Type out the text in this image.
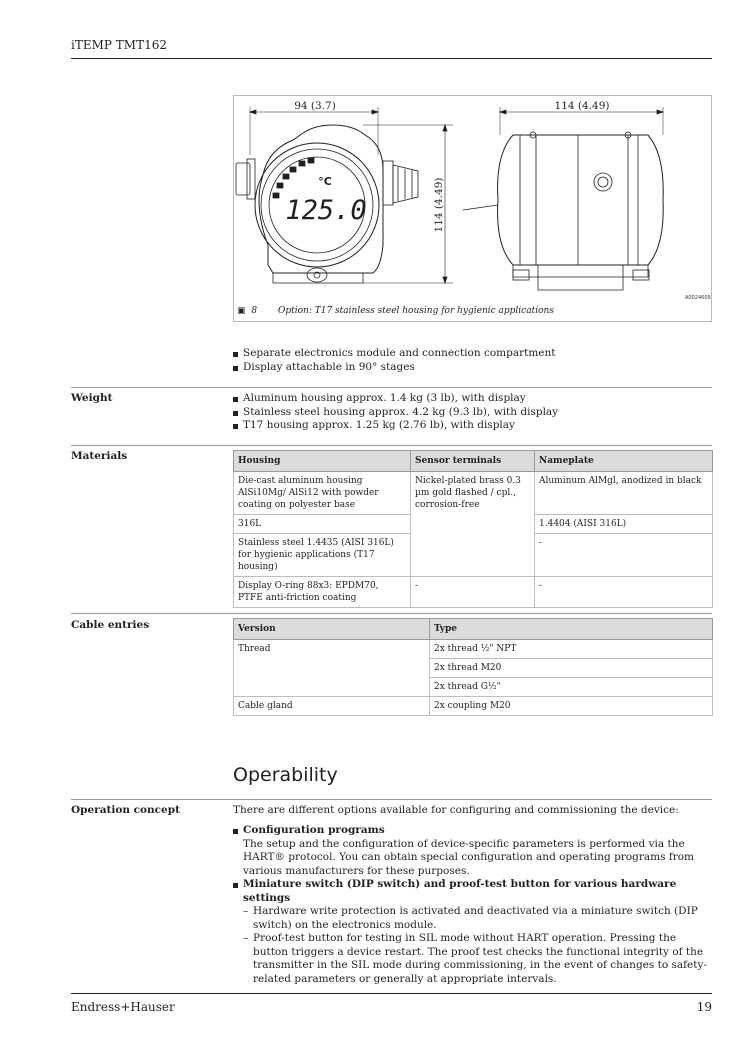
iTEMP TMT162
94 (3.7)	114 (4.49)
114 (4.49)
°C
125.0
A0024609
▣ 8 Option: T17 stainless steel housing for hygienic applications
Separate electronics module and connection compartment
Display attachable in 90° stages
Weight	Aluminum housing approx. 1.4 kg (3 lb), with display
Stainless steel housing approx. 4.2 kg (9.3 lb), with display
T17 housing approx. 1.25 kg (2.76 lb), with display
Materials	Housing	Sensor terminals	Nameplate
Die-cast aluminum housing AlSi10Mg/ AlSi12 with powder coating on polyester base	Nickel-plated brass 0.3 µm gold flashed / cpl., corrosion-free	Aluminum AlMgl, anodized in black
316L		1.4404 (AISI 316L)
Stainless steel 1.4435 (AISI 316L) for hygienic applications (T17 housing)		-
Display O-ring 88x3: EPDM70, PTFE anti-friction coating	-	-
Cable entries	Version	Type
Thread	2x thread ½" NPT
	2x thread M20
	2x thread G½"
Cable gland	2x coupling M20
Operability
Operation concept	There are different options available for configuring and commissioning the device:
Configuration programs
The setup and the configuration of device-specific parameters is performed via the HART® protocol. You can obtain special configuration and operating programs from various manufacturers for these purposes.
Miniature switch (DIP switch) and proof-test button for various hardware settings
– Hardware write protection is activated and deactivated via a miniature switch (DIP switch) on the electronics module.
– Proof-test button for testing in SIL mode without HART operation. Pressing the button triggers a device restart. The proof test checks the functional integrity of the transmitter in the SIL mode during commissioning, in the event of changes to safety-related parameters or generally at appropriate intervals.
Endress+Hauser	19
